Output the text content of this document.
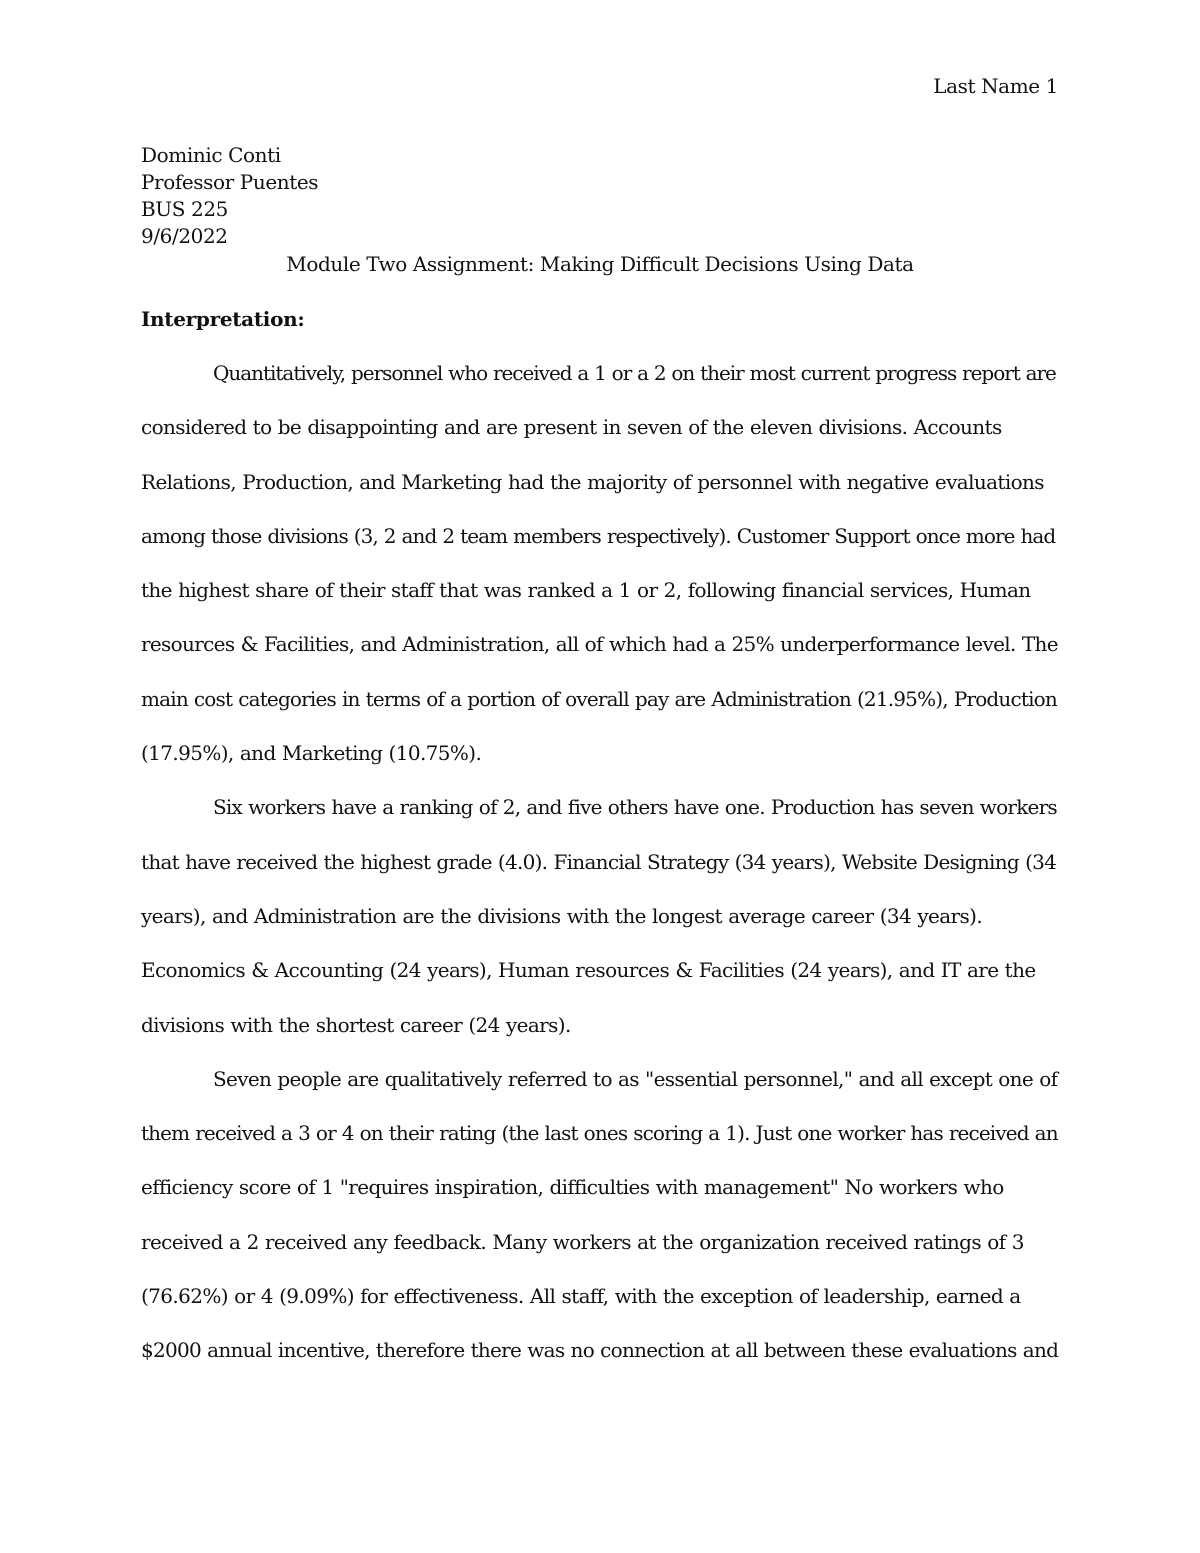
Last Name 1
Dominic Conti
Professor Puentes
BUS 225
9/6/2022
Module Two Assignment: Making Difficult Decisions Using Data
Interpretation:

Quantitatively, personnel who received a 1 or a 2 on their most current progress report are
considered to be disappointing and are present in seven of the eleven divisions. Accounts
Relations, Production, and Marketing had the majority of personnel with negative evaluations
among those divisions (3, 2 and 2 team members respectively). Customer Support once more had
the highest share of their staff that was ranked a 1 or 2, following financial services, Human
resources & Facilities, and Administration, all of which had a 25% underperformance level. The
main cost categories in terms of a portion of overall pay are Administration (21.95%), Production
(17.95%), and Marketing (10.75%).

Six workers have a ranking of 2, and five others have one. Production has seven workers
that have received the highest grade (4.0). Financial Strategy (34 years), Website Designing (34
years), and Administration are the divisions with the longest average career (34 years).
Economics & Accounting (24 years), Human resources & Facilities (24 years), and IT are the
divisions with the shortest career (24 years).

Seven people are qualitatively referred to as "essential personnel," and all except one of
them received a 3 or 4 on their rating (the last ones scoring a 1). Just one worker has received an
efficiency score of 1 "requires inspiration, difficulties with management" No workers who
received a 2 received any feedback. Many workers at the organization received ratings of 3
(76.62%) or 4 (9.09%) for effectiveness. All staff, with the exception of leadership, earned a
$2000 annual incentive, therefore there was no connection at all between these evaluations and
